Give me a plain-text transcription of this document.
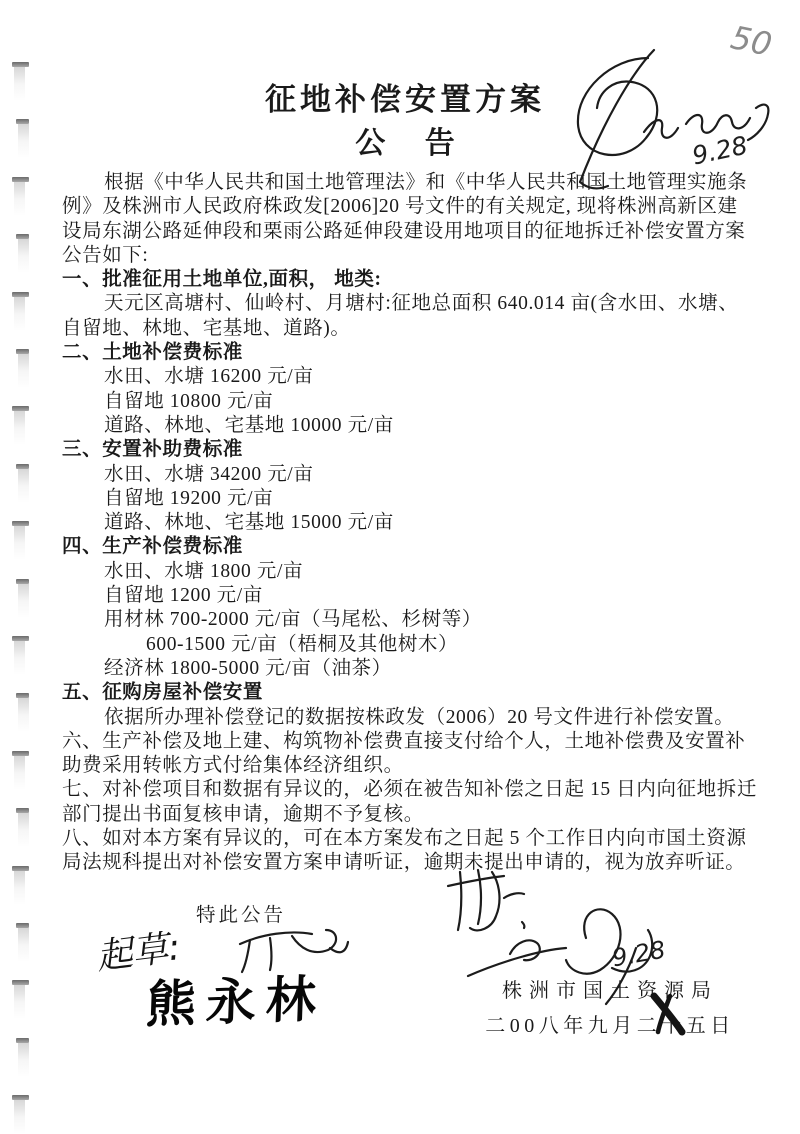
征地补偿安置方案
公 告
根据《中华人民共和国土地管理法》和《中华人民共和国土地管理实施条
例》及株洲市人民政府株政发[2006]20 号文件的有关规定, 现将株洲高新区建
设局东湖公路延伸段和栗雨公路延伸段建设用地项目的征地拆迁补偿安置方案
公告如下:
一、批准征用土地单位,面积， 地类:
天元区高塘村、仙岭村、月塘村:征地总面积 640.014 亩(含水田、水塘、
自留地、林地、宅基地、道路)。
二、土地补偿费标准
水田、水塘 16200 元/亩
自留地 10800 元/亩
道路、林地、宅基地 10000 元/亩
三、安置补助费标准
水田、水塘 34200 元/亩
自留地 19200 元/亩
道路、林地、宅基地 15000 元/亩
四、生产补偿费标准
水田、水塘 1800 元/亩
自留地 1200 元/亩
用材林 700-2000 元/亩（马尾松、杉树等）
600-1500 元/亩（梧桐及其他树木）
经济林 1800-5000 元/亩（油茶）
五、征购房屋补偿安置
依据所办理补偿登记的数据按株政发（2006）20 号文件进行补偿安置。
六、生产补偿及地上建、构筑物补偿费直接支付给个人，土地补偿费及安置补
助费采用转帐方式付给集体经济组织。
七、对补偿项目和数据有异议的，必须在被告知补偿之日起 15 日内向征地拆迁
部门提出书面复核申请，逾期不予复核。
八、如对本方案有异议的，可在本方案发布之日起 5 个工作日内向市国土资源
局法规科提出对补偿安置方案申请听证，逾期未提出申请的，视为放弃听证。
特此公告
株洲市国土资源局
二00八年九月二十五日
50
9.28
9.28
起草:
熊永林
